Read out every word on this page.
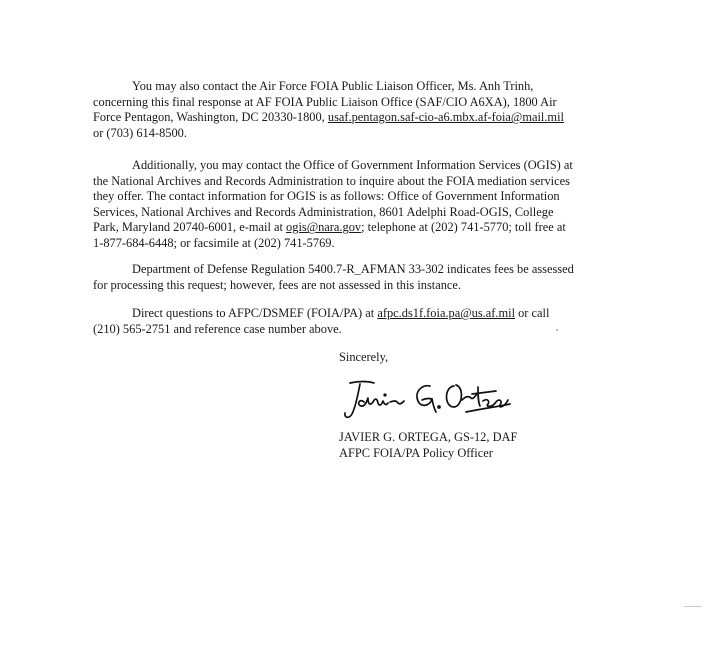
You may also contact the Air Force FOIA Public Liaison Officer, Ms. Anh Trinh,
concerning this final response at AF FOIA Public Liaison Office (SAF/CIO A6XA), 1800 Air
Force Pentagon, Washington, DC 20330-1800, usaf.pentagon.saf-cio-a6.mbx.af-foia@mail.mil
or (703) 614-8500.

Additionally, you may contact the Office of Government Information Services (OGIS) at
the National Archives and Records Administration to inquire about the FOIA mediation services
they offer. The contact information for OGIS is as follows: Office of Government Information
Services, National Archives and Records Administration, 8601 Adelphi Road-OGIS, College
Park, Maryland 20740-6001, e-mail at ogis@nara.gov; telephone at (202) 741-5770; toll free at
1-877-684-6448; or facsimile at (202) 741-5769.

Department of Defense Regulation 5400.7-R_AFMAN 33-302 indicates fees be assessed
for processing this request; however, fees are not assessed in this instance.

Direct questions to AFPC/DSMEF (FOIA/PA) at afpc.ds1f.foia.pa@us.af.mil or call
(210) 565-2751 and reference case number above.

Sincerely,

JAVIER G. ORTEGA, GS-12, DAF
AFPC FOIA/PA Policy Officer
